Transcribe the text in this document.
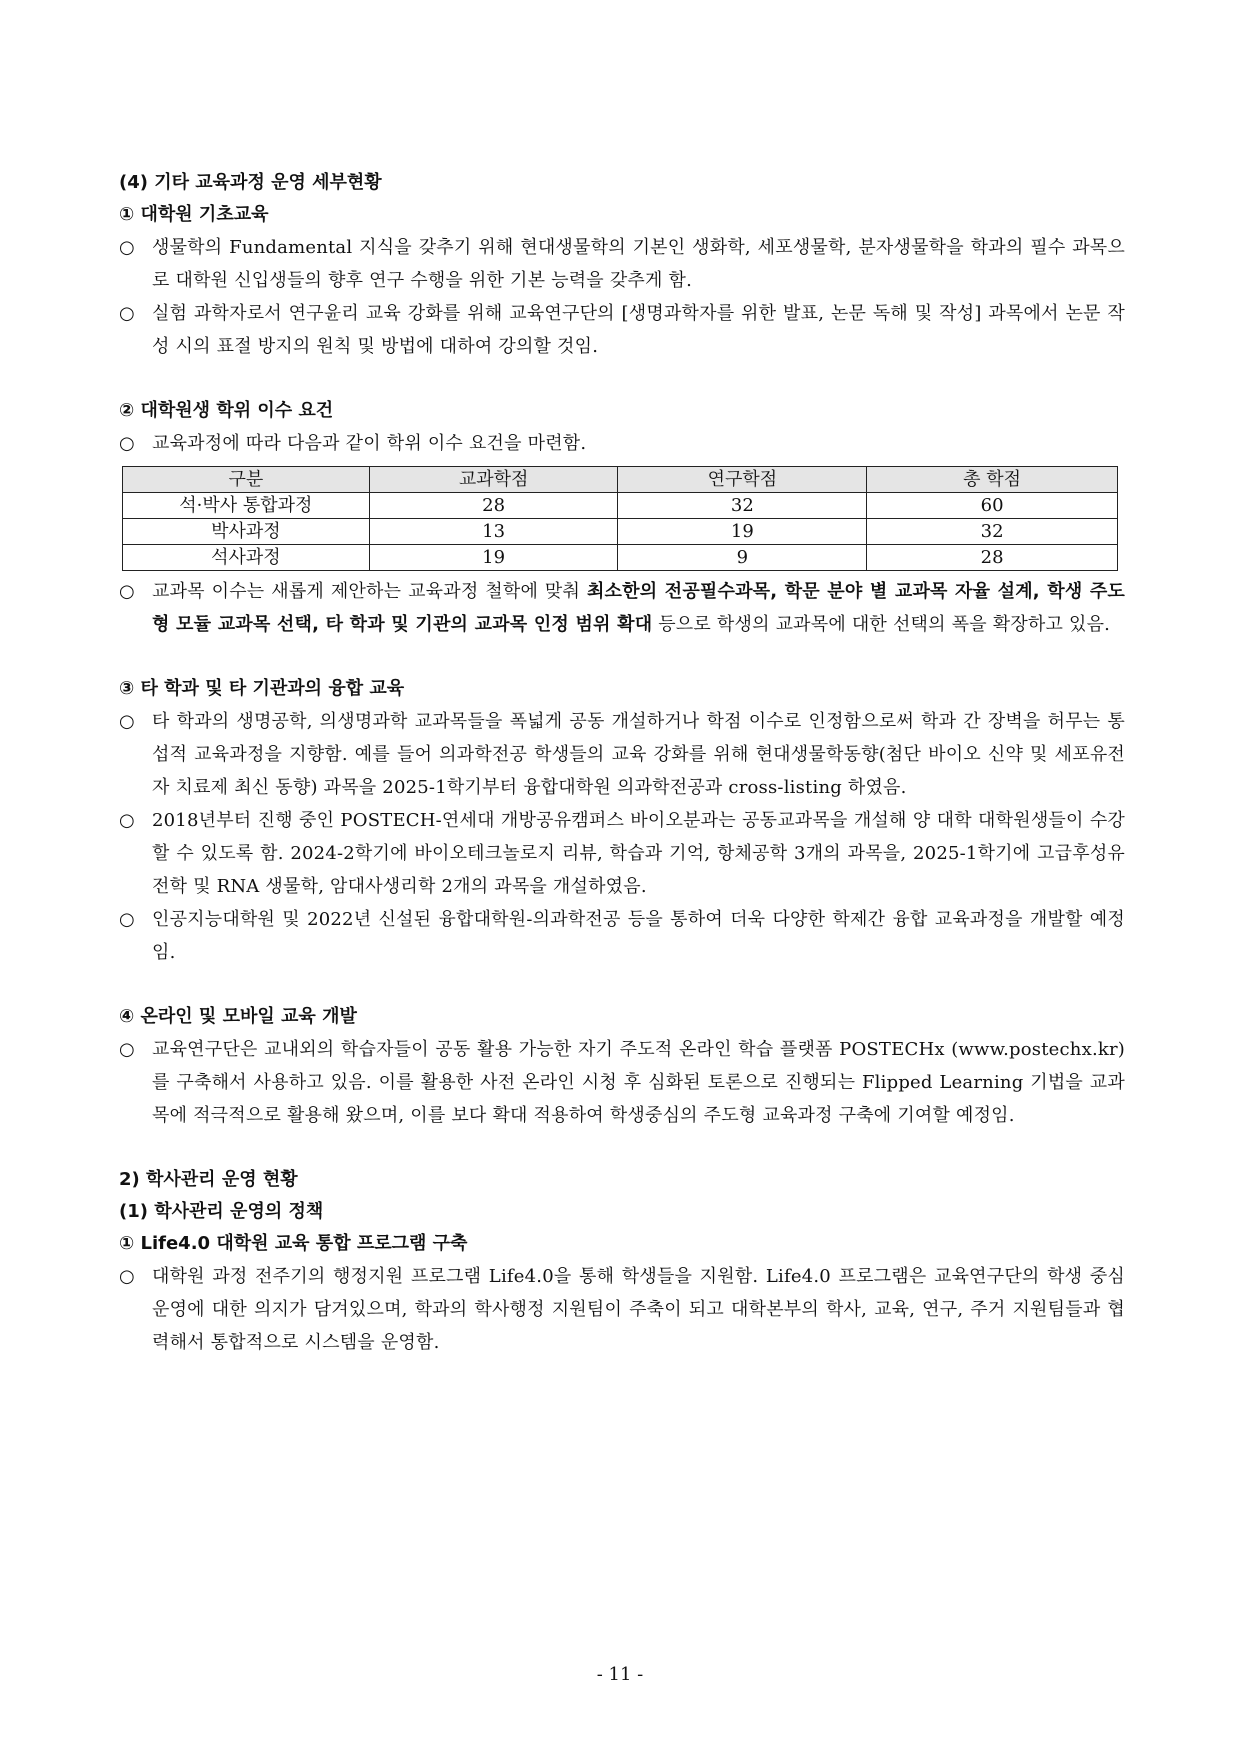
(4) 기타 교육과정 운영 세부현황
① 대학원 기초교육
○ 생물학의 Fundamental 지식을 갖추기 위해 현대생물학의 기본인 생화학, 세포생물학, 분자생물학을 학과의 필수 과목으로 대학원 신입생들의 향후 연구 수행을 위한 기본 능력을 갖추게 함.
○ 실험 과학자로서 연구윤리 교육 강화를 위해 교육연구단의 [생명과학자를 위한 발표, 논문 독해 및 작성] 과목에서 논문 작성 시의 표절 방지의 원칙 및 방법에 대하여 강의할 것임.
② 대학원생 학위 이수 요건
○ 교육과정에 따라 다음과 같이 학위 이수 요건을 마련함.
구분	교과학점	연구학점	총 학점
석·박사 통합과정	28	32	60
박사과정	13	19	32
석사과정	19	9	28
○ 교과목 이수는 새롭게 제안하는 교육과정 철학에 맞춰 최소한의 전공필수과목, 학문 분야 별 교과목 자율 설계, 학생 주도형 모듈 교과목 선택, 타 학과 및 기관의 교과목 인정 범위 확대 등으로 학생의 교과목에 대한 선택의 폭을 확장하고 있음.
③ 타 학과 및 타 기관과의 융합 교육
○ 타 학과의 생명공학, 의생명과학 교과목들을 폭넓게 공동 개설하거나 학점 이수로 인정함으로써 학과 간 장벽을 허무는 통섭적 교육과정을 지향함. 예를 들어 의과학전공 학생들의 교육 강화를 위해 현대생물학동향(첨단 바이오 신약 및 세포유전자 치료제 최신 동향) 과목을 2025-1학기부터 융합대학원 의과학전공과 cross-listing 하였음.
○ 2018년부터 진행 중인 POSTECH-연세대 개방공유캠퍼스 바이오분과는 공동교과목을 개설해 양 대학 대학원생들이 수강할 수 있도록 함. 2024-2학기에 바이오테크놀로지 리뷰, 학습과 기억, 항체공학 3개의 과목을, 2025-1학기에 고급후성유전학 및 RNA 생물학, 암대사생리학 2개의 과목을 개설하였음.
○ 인공지능대학원 및 2022년 신설된 융합대학원-의과학전공 등을 통하여 더욱 다양한 학제간 융합 교육과정을 개발할 예정임.
④ 온라인 및 모바일 교육 개발
○ 교육연구단은 교내외의 학습자들이 공동 활용 가능한 자기 주도적 온라인 학습 플랫폼 POSTECHx (www.postechx.kr)를 구축해서 사용하고 있음. 이를 활용한 사전 온라인 시청 후 심화된 토론으로 진행되는 Flipped Learning 기법을 교과목에 적극적으로 활용해 왔으며, 이를 보다 확대 적용하여 학생중심의 주도형 교육과정 구축에 기여할 예정임.
2) 학사관리 운영 현황
(1) 학사관리 운영의 정책
① Life4.0 대학원 교육 통합 프로그램 구축
○ 대학원 과정 전주기의 행정지원 프로그램 Life4.0을 통해 학생들을 지원함. Life4.0 프로그램은 교육연구단의 학생 중심 운영에 대한 의지가 담겨있으며, 학과의 학사행정 지원팀이 주축이 되고 대학본부의 학사, 교육, 연구, 주거 지원팀들과 협력해서 통합적으로 시스템을 운영함.
- 11 -
